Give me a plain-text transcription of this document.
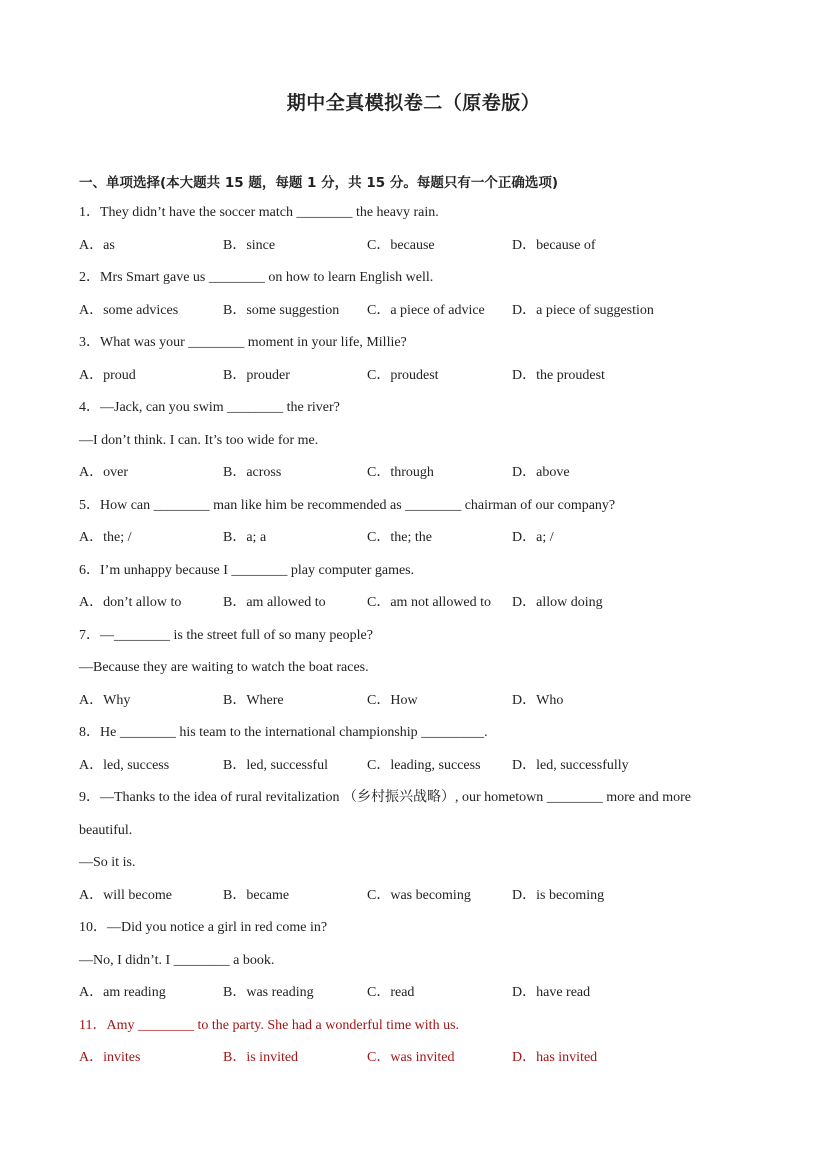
期中全真模拟卷二（原卷版）
一、单项选择(本大题共 15 题，每题 1 分，共 15 分。每题只有一个正确选项)
1．They didn’t have the soccer match ________ the heavy rain.
A．as	B．since	C．because	D．because of
2．Mrs Smart gave us ________ on how to learn English well.
A．some advices	B．some suggestion C．a piece of advice D．a piece of suggestion
3．What was your ________ moment in your life, Millie?
A．proud	B．prouder	C．proudest	D．the proudest
4．—Jack, can you swim ________ the river?
—I don’t think. I can. It’s too wide for me.
A．over	B．across	C．through	D．above
5．How can ________ man like him be recommended as ________ chairman of our company?
A．the; /	B．a; a	C．the; the	D．a; /
6．I’m unhappy because I ________ play computer games.
A．don’t allow to	B．am allowed to	C．am not allowed to D．allow doing
7．—________ is the street full of so many people?
—Because they are waiting to watch the boat races.
A．Why	B．Where	C．How	D．Who
8．He ________ his team to the international championship _________.
A．led, success	B．led, successful	C．leading, success D．led, successfully
9．—Thanks to the idea of rural revitalization （乡村振兴战略）, our hometown ________ more and more
beautiful.
—So it is.
A．will become	B．became	C．was becoming	D．is becoming
10．—Did you notice a girl in red come in?
—No, I didn’t. I ________ a book.
A．am reading	B．was reading	C．read	D．have read
11．Amy ________ to the party. She had a wonderful time with us.
A．invites	B．is invited	C．was invited	D．has invited
